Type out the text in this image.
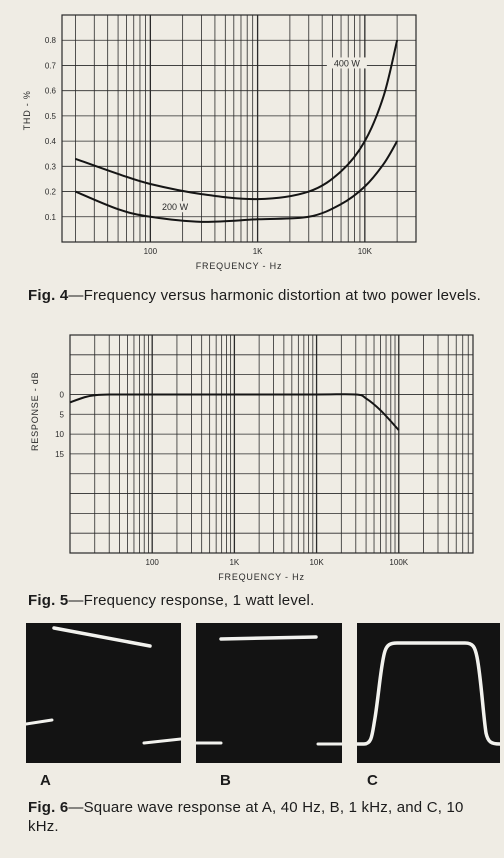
0.1
0.2
0.3
0.4
0.5
0.6
0.7
0.8
100	1K	10K
FREQUENCY - Hz
THD - %
400 W
200 W
Fig. 4—Frequency versus harmonic distortion at two power levels.
0
5
10
15
100	1K	10K	100K
FREQUENCY - Hz
RESPONSE - dB
Fig. 5—Frequency response, 1 watt level.
A	B	C
Fig. 6—Square wave response at A, 40 Hz, B, 1 kHz, and C, 10 kHz.
